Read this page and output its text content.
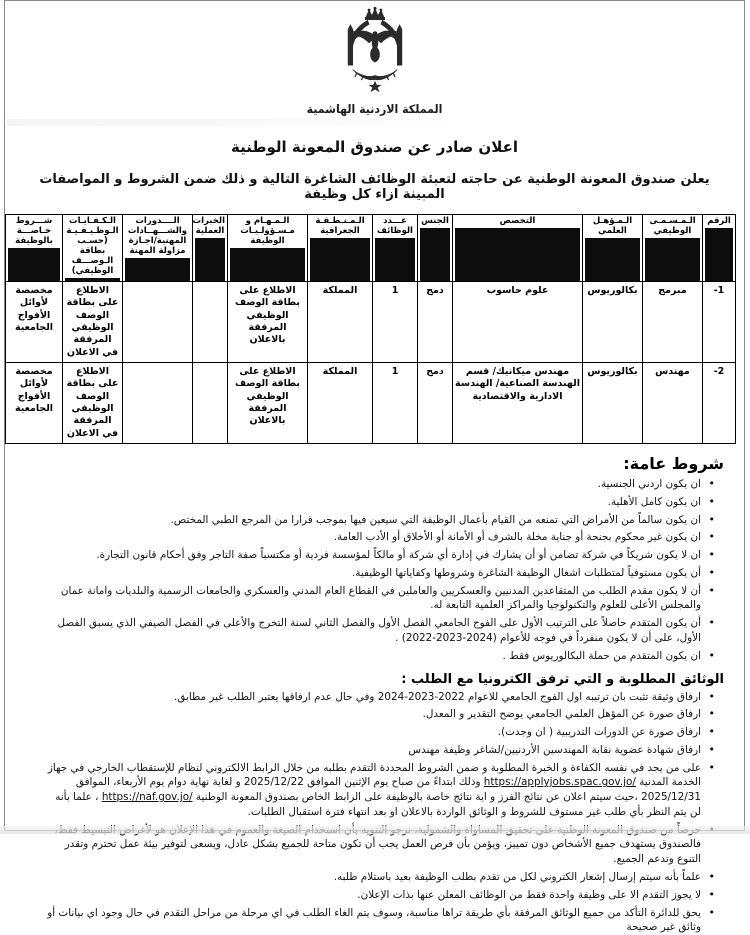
المملكة الاردنية الهاشمية
اعلان صادر عن صندوق المعونة الوطنية
يعلن صندوق المعونة الوطنية عن حاجته لتعبئة الوظائف الشاغرة التالية و ذلك ضمن الشروط و المواصفات المبينة ازاء كل وظيفة
الرقم	الـمـسـمـى الوظيفي	الـمـؤهـل العلمي	التخصص	الجنس	عـــدد الوظائف	الـمـنـطـقـة الجغرافية	الـمـهـام و مـسـؤولـيـات الوظيفة	الخبرات العملية	الــــدورات والشـــهــادات المهنية/اجـازة مزاولة المهنة	الـكـفـايـات الـوظـيـفـيـة (حسـب بطاقة الـوصـــف الوظيفي)	شـــروط خـاصـــة بالوظيفة

1-	مبرمج	بكالوريوس	علوم حاسوب	دمج	1	المملكة	الاطلاع على بطاقة الوصف الوظيفي المرفقة بالاعلان			الاطلاع على بطاقة الوصف الوظيفي المرفقة في الاعلان	مخصصة لأوائل الأفواج الجامعية
2-	مهندس	بكالوريوس	مهندس ميكانيك/ قسم الهندسة الصناعية/ الهندسة الادارية والاقتصادية	دمج	1	المملكة	الاطلاع على بطاقة الوصف الوظيفي المرفقة بالاعلان			الاطلاع على بطاقة الوصف الوظيفي المرفقة في الاعلان	مخصصة لأوائل الأفواج الجامعية
شروط عامة:
• ان يكون اردني الجنسية.
• ان يكون كامل الأهلية.
• ان يكون سالماً من الأمراض التي تمنعه من القيام بأعمال الوظيفة التي سيعين فيها بموجب قرارا من المرجع الطبي المختص.
• ان يكون غير محكوم بجنحة أو جناية مخلة بالشرف أو الأمانة أو الأخلاق أو الأدب العامة.
• ان لا يكون شريكاً في شركة تضامن أو أن يشارك في إدارة أي شركة أو مالكاً لمؤسسة فردية أو مكتسباً صفة التاجر وفق أحكام قانون التجارة.
• أن يكون مستوفياً لمتطلبات اشغال الوظيفة الشاغرة وشروطها وكفاياتها الوظيفية.
• أن لا يكون مقدم الطلب من المتقاعدين المدنيين والعسكريين والعاملين في القطاع العام المدني والعسكري والجامعات الرسمية والبلديات وامانة عمان والمجلس الأعلى للعلوم والتكنولوجيا والمراكز العلمية التابعة له.
• أن يكون المتقدم حاصلاً على الترتيب الأول على الفوج الجامعي الفصل الأول والفصل الثاني لسنة التخرج والأعلى في الفصل الصيفي الذي يسبق الفصل الأول، على أن لا يكون منفرداً في فوجه للأعوام (2024-2023-2022) .
• ان يكون المتقدم من حملة البكالوريوس فقط .
الوثائق المطلوبة و التي ترفق الكترونيا مع الطلب :
• ارفاق وثيقة تثبت بان ترتيبه اول الفوج الجامعي للاعوام 2022-2023-2024 وفي حال عدم ارفاقها يعتبر الطلب غير مطابق.
• ارفاق صورة عن المؤهل العلمي الجامعي يوضح التقدير و المعدل.
• ارفاق صورة عن الدورات التدريبية ( ان وجدت).
• ارفاق شهادة عضوية نقابة المهندسين الأردنيين/لشاغر وظيفة مهندس
• على من يجد في نفسه الكفاءة و الخبرة المطلوبة و ضمن الشروط المحددة التقدم بطلبه من خلال الرابط الالكتروني لنظام للإستقطاب الخارجي في جهاز الخدمة المدنية https://applyjobs.spac.gov.jo/ وذلك ابتداءً من صباح يوم الإثنين الموافق 2025/12/22 و لغاية نهاية دوام يوم الأربعاء، الموافق 2025/12/31 ،حيث سيتم اعلان عن نتائج الفرز و اية نتائج خاصة بالوظيفة على الرابط الخاص بصندوق المعونة الوطنية https://naf.gov.jo/ ، علما بأنه لن يتم النظر بأي طلب غير مستوف للشروط و الوثائق الواردة بالاعلان او بعد انتهاء فترة استقبال الطلبات.
• فالصندوق يستهدف جميع الأشخاص دون تمييز، ويؤمن بأن فرص العمل يجب أن تكون متاحة للجميع بشكل عادل، ويسعى لتوفير بيئة عمل تحترم وتقدر التنوع وتدعم الجميع.
• علماً بأنه سيتم إرسال إشعار الكتروني لكل من تقدم بطلب الوظيفة بعيد باستلام طلبه.
• لا يجوز التقدم الا على وظيفة واحدة فقط من الوظائف المعلن عنها بذات الإعلان.
• يحق للدائرة التأكد من جميع الوثائق المرفقة بأي طريقة تراها مناسبة، وسوف يتم الغاء الطلب في اي مرحلة من مراحل التقدم في حال وجود اي بيانات أو وثائق غير صحيحة
